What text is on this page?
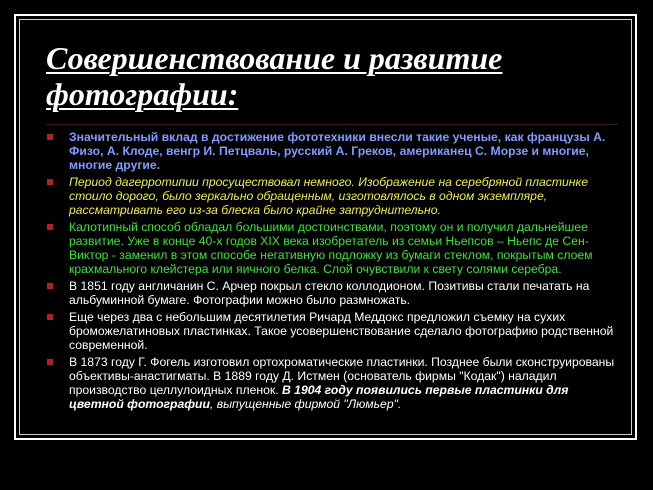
Совершенствование и развитие фотографии:
Значительный вклад в достижение фототехники внесли такие ученые, как французы А. Физо, А. Клоде, венгр И. Петцваль, русский А. Греков, американец С. Морзе и многие, многие другие.
Период дагерротипии просуществовал немного. Изображение на серебряной пластинке стоило дорого, было зеркально обращенным, изготовлялось в одном экземпляре, рассматривать его из-за блеска было крайне затруднительно.
Калотипный способ обладал большими достоинствами, поэтому он и получил дальнейшее развитие. Уже в конце 40-х годов XIX века изобретатель из семьи Ньепсов – Ньепс де Сен-Виктор - заменил в этом способе негативную подложку из бумаги стеклом, покрытым слоем крахмального клейстера или яичного белка. Слой очувствили к свету солями серебра.
В 1851 году англичанин С. Арчер покрыл стекло коллодионом. Позитивы стали печатать на альбуминной бумаге. Фотографии можно было размножать.
Еще через два с небольшим десятилетия Ричард Меддокс предложил съемку на сухих броможелатиновых пластинках. Такое усовершенствование сделало фотографию родственной современной.
В 1873 году Г. Фогель изготовил ортохроматические пластинки. Позднее были сконструированы объективы-анастигматы. В 1889 году Д. Истмен (основатель фирмы "Кодак") наладил производство целлулоидных пленок. В 1904 году появились первые пластинки для цветной фотографии, выпущенные фирмой "Люмьер".
